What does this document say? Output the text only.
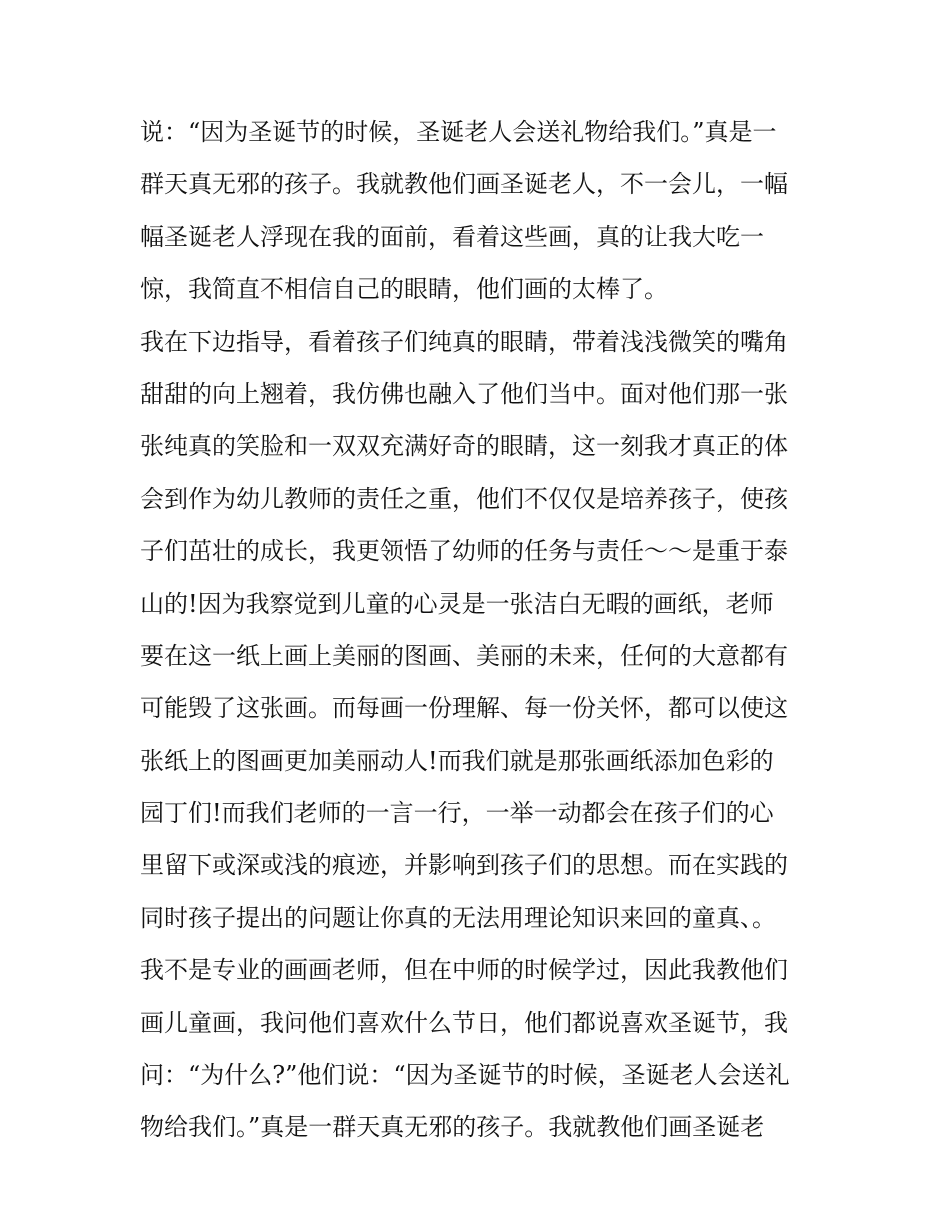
说：“因为圣诞节的时候，圣诞老人会送礼物给我们。”真是一
群天真无邪的孩子。我就教他们画圣诞老人，不一会儿，一幅
幅圣诞老人浮现在我的面前，看着这些画，真的让我大吃一
惊，我简直不相信自己的眼睛，他们画的太棒了。
我在下边指导，看着孩子们纯真的眼睛，带着浅浅微笑的嘴角
甜甜的向上翘着，我仿佛也融入了他们当中。面对他们那一张
张纯真的笑脸和一双双充满好奇的眼睛，这一刻我才真正的体
会到作为幼儿教师的责任之重，他们不仅仅是培养孩子，使孩
子们茁壮的成长，我更领悟了幼师的任务与责任～～是重于泰
山的!因为我察觉到儿童的心灵是一张洁白无暇的画纸，老师
要在这一纸上画上美丽的图画、美丽的未来，任何的大意都有
可能毁了这张画。而每画一份理解、每一份关怀，都可以使这
张纸上的图画更加美丽动人!而我们就是那张画纸添加色彩的
园丁们!而我们老师的一言一行，一举一动都会在孩子们的心
里留下或深或浅的痕迹，并影响到孩子们的思想。而在实践的
同时孩子提出的问题让你真的无法用理论知识来回的童真、。
我不是专业的画画老师，但在中师的时候学过，因此我教他们
画儿童画，我问他们喜欢什么节日，他们都说喜欢圣诞节，我
问：“为什么?”他们说：“因为圣诞节的时候，圣诞老人会送礼
物给我们。”真是一群天真无邪的孩子。我就教他们画圣诞老
